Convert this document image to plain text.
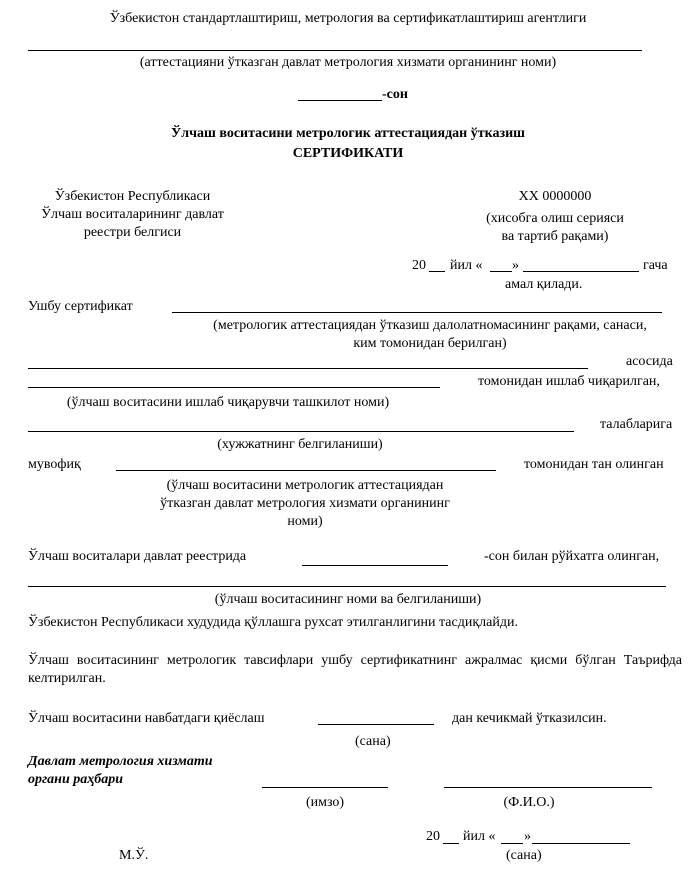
Ўзбекистон стандартлаштириш, метрология ва сертификатлаштириш агентлиги
(аттестацияни ўтказган давлат метрология хизмати органининг номи)
-сон
Ўлчаш воситасини метрологик аттестациядан ўтказиш
СЕРТИФИКАТИ
Ўзбекистон Республикаси
Ўлчаш воситаларининг давлат
реестри белгиси
ХХ 0000000
(хисобга олиш серияси
ва тартиб рақами)
20 йил « »	гача
амал қилади.
Ушбу сертификат
(метрологик аттестациядан ўтказиш далолатномасининг рақами, санаси,
ким томонидан берилган)
асосида
томонидан ишлаб чиқарилган,
(ўлчаш воситасини ишлаб чиқарувчи ташкилот номи)
талабларига
(хужжатнинг белгиланиши)
мувофиқ	томонидан тан олинган
(ўлчаш воситасини метрологик аттестациядан
ўтказган давлат метрология хизмати органининг
номи)
Ўлчаш воситалари давлат реестрида	-сон билан рўйхатга олинган,
(ўлчаш воситасининг номи ва белгиланиши)
Ўзбекистон Республикаси худудида қўллашга рухсат этилганлигини тасдиқлайди.
Ўлчаш воситасининг метрологик тавсифлари ушбу сертификатнинг ажралмас қисми бўлган Таърифда келтирилган.
Ўлчаш воситасини навбатдаги қиёслаш	дан кечикмай ўтказилсин.
(сана)
Давлат метрология хизмати
органи раҳбари
(имзо)	(Ф.И.О.)
20 йил « »
(сана)
М.Ў.
